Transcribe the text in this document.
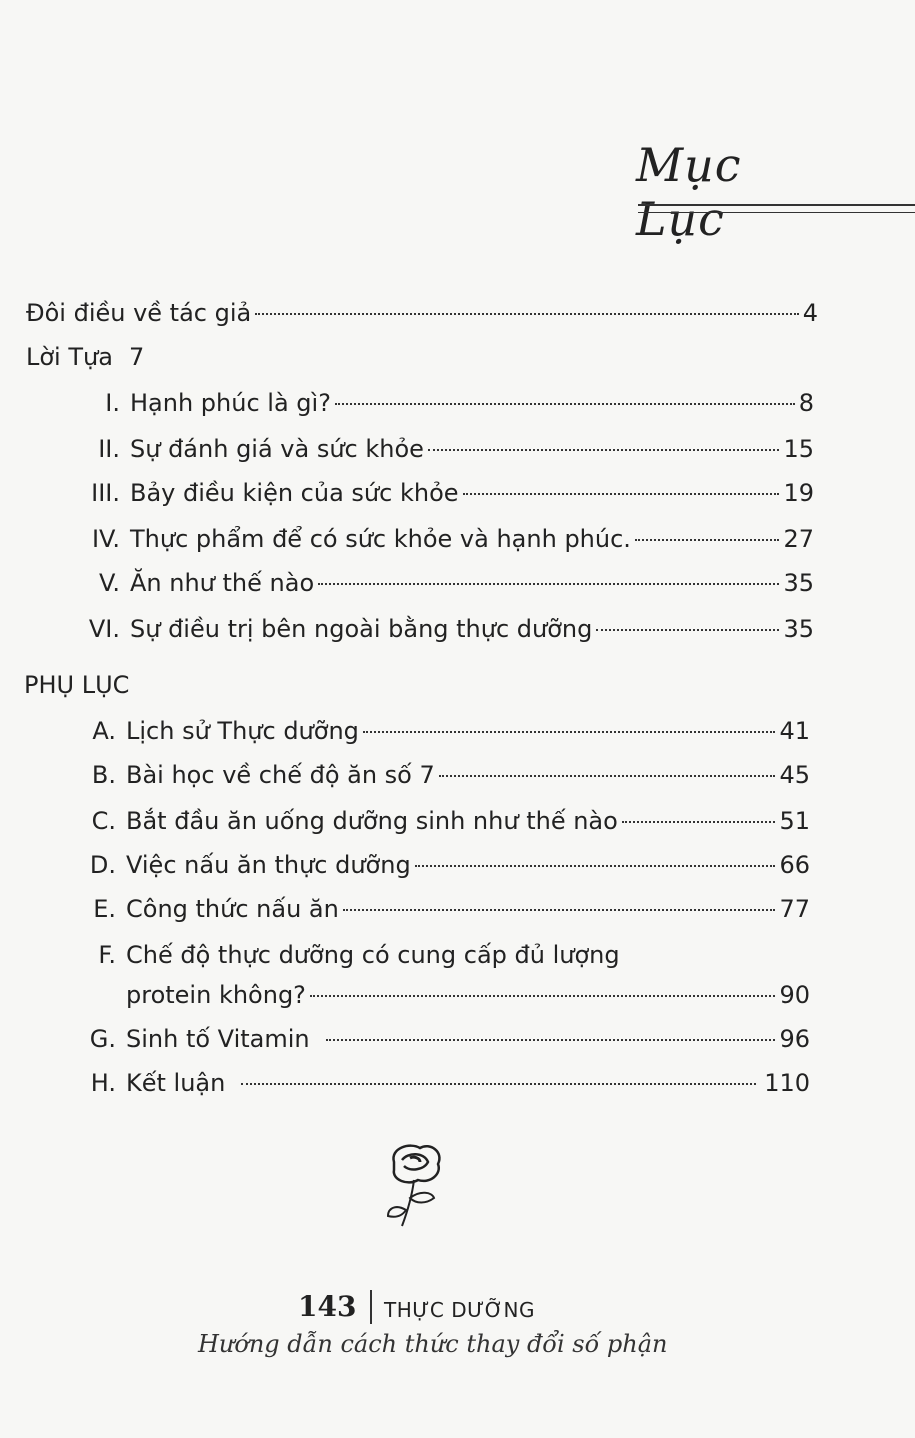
Mục Lục
Đôi điều về tác giả	4
Lời Tựa 7
I. Hạnh phúc là gì?	8
II. Sự đánh giá và sức khỏe	15
III. Bảy điều kiện của sức khỏe	19
IV. Thực phẩm để có sức khỏe và hạnh phúc.	27
V. Ăn như thế nào	35
VI. Sự điều trị bên ngoài bằng thực dưỡng	35
PHỤ LỤC
A. Lịch sử Thực dưỡng	41
B. Bài học về chế độ ăn số 7	45
C. Bắt đầu ăn uống dưỡng sinh như thế nào	51
D. Việc nấu ăn thực dưỡng	66
E. Công thức nấu ăn	77
F. Chế độ thực dưỡng có cung cấp đủ lượng
protein không?	90
G. Sinh tố Vitamin	96
H. Kết luận	110
143 THỰC DƯỠNG
Hướng dẫn cách thức thay đổi số phận
